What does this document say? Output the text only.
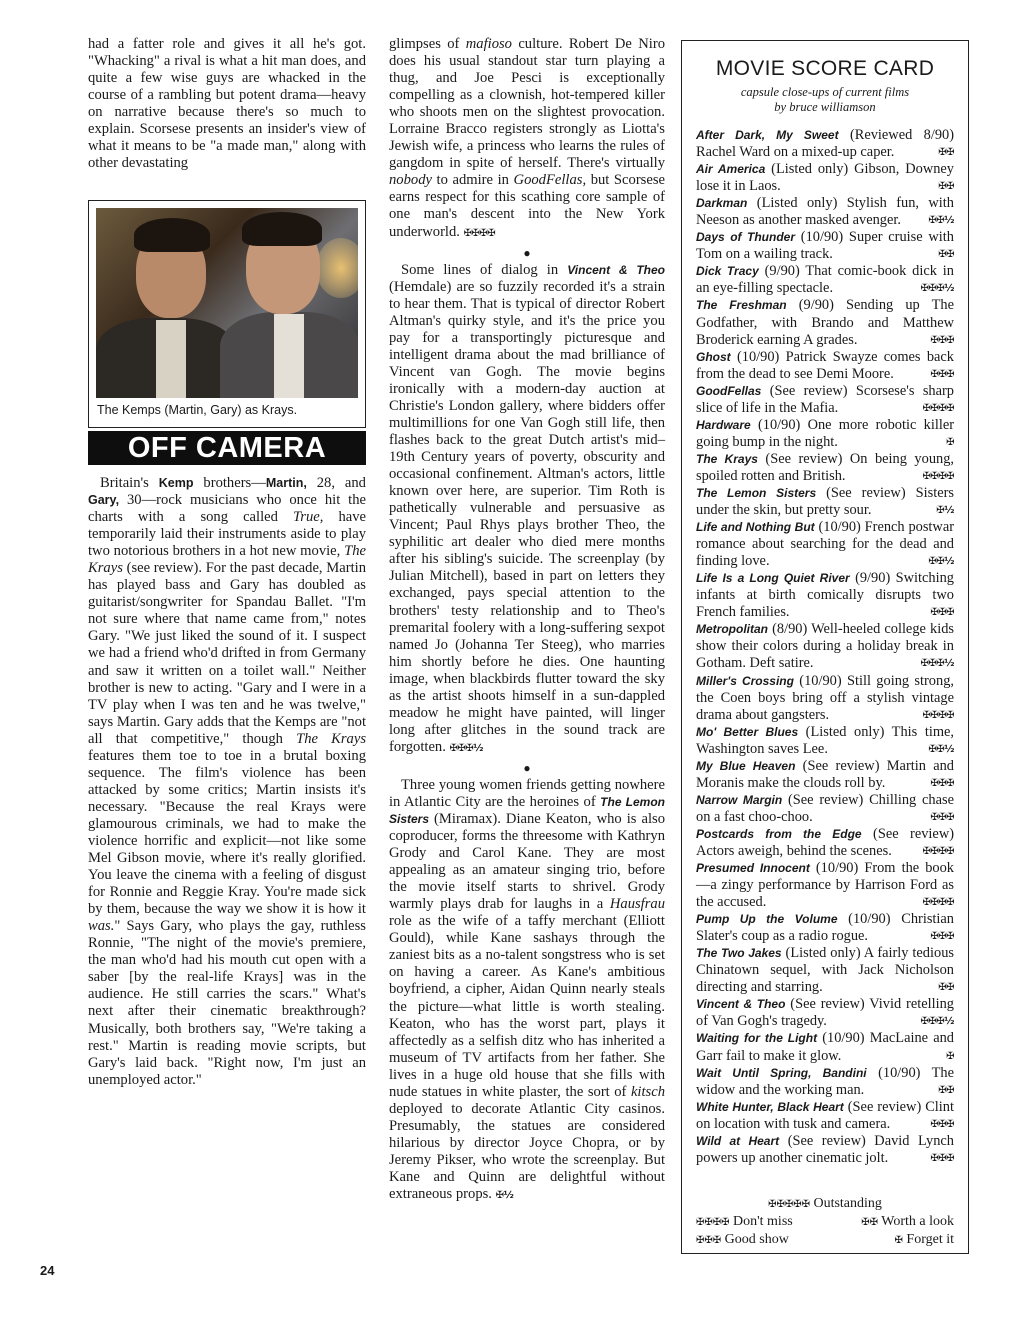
had a fatter role and gives it all he's got. "Whacking" a rival is what a hit man does, and quite a few wise guys are whacked in the course of a rambling but potent drama—heavy on narrative because there's so much to explain. Scorsese presents an insider's view of what it means to be "a made man," along with other devastating

The Kemps (Martin, Gary) as Krays.
OFF CAMERA

Britain's Kemp brothers—Martin, 28, and Gary, 30—rock musicians who once hit the charts with a song called True, have temporarily laid their instruments aside to play two notorious brothers in a hot new movie, The Krays (see review). For the past decade, Martin has played bass and Gary has doubled as guitarist/songwriter for Spandau Ballet. "I'm not sure where that name came from," notes Gary. "We just liked the sound of it. I suspect we had a friend who'd drifted in from Germany and saw it written on a toilet wall." Neither brother is new to acting. "Gary and I were in a TV play when I was ten and he was twelve," says Martin. Gary adds that the Kemps are "not all that competitive," though The Krays features them toe to toe in a brutal boxing sequence. The film's violence has been attacked by some critics; Martin insists it's necessary. "Because the real Krays were glamourous criminals, we had to make the violence horrific and explicit—not like some Mel Gibson movie, where it's really glorified. You leave the cinema with a feeling of disgust for Ronnie and Reggie Kray. You're made sick by them, because the way we show it is how it was." Says Gary, who plays the gay, ruthless Ronnie, "The night of the movie's premiere, the man who'd had his mouth cut open with a saber [by the real-life Krays] was in the audience. He still carries the scars." What's next after their cinematic breakthrough? Musically, both brothers say, "We're taking a rest." Martin is reading movie scripts, but Gary's laid back. "Right now, I'm just an unemployed actor."

glimpses of mafioso culture. Robert De Niro does his usual standout star turn playing a thug, and Joe Pesci is exceptionally compelling as a clownish, hot-tempered killer who shoots men on the slightest provocation. Lorraine Bracco registers strongly as Liotta's Jewish wife, a princess who learns the rules of gangdom in spite of herself. There's virtually nobody to admire in GoodFellas, but Scorsese earns respect for this scathing core sample of one man's descent into the New York underworld. ✠✠✠✠

●

Some lines of dialog in Vincent & Theo (Hemdale) are so fuzzily recorded it's a strain to hear them. That is typical of director Robert Altman's quirky style, and it's the price you pay for a transportingly picturesque and intelligent drama about the mad brilliance of Vincent van Gogh. The movie begins ironically with a modern-day auction at Christie's London gallery, where bidders offer multimillions for one Van Gogh still life, then flashes back to the great Dutch artist's mid–19th Century years of poverty, obscurity and occasional confinement. Altman's actors, little known over here, are superior. Tim Roth is pathetically vulnerable and persuasive as Vincent; Paul Rhys plays brother Theo, the syphilitic art dealer who died mere months after his sibling's suicide. The screenplay (by Julian Mitchell), based in part on letters they exchanged, pays special attention to the brothers' testy relationship and to Theo's premarital foolery with a long-suffering sexpot named Jo (Johanna Ter Steeg), who marries him shortly before he dies. One haunting image, when blackbirds flutter toward the sky as the artist shoots himself in a sun-dappled meadow he might have painted, will linger long after glitches in the sound track are forgotten. ✠✠✠½

●

Three young women friends getting nowhere in Atlantic City are the heroines of The Lemon Sisters (Miramax). Diane Keaton, who is also coproducer, forms the threesome with Kathryn Grody and Carol Kane. They are most appealing as an amateur singing trio, before the movie itself starts to shrivel. Grody warmly plays drab for laughs in a Hausfrau role as the wife of a taffy merchant (Elliott Gould), while Kane sashays through the zaniest bits as a no-talent songstress who is set on having a career. As Kane's ambitious boyfriend, a cipher, Aidan Quinn nearly steals the picture—what little is worth stealing. Keaton, who has the worst part, plays it affectedly as a selfish ditz who has inherited a museum of TV artifacts from her father. She lives in a huge old house that she fills with nude statues in white plaster, the sort of kitsch deployed to decorate Atlantic City casinos. Presumably, the statues are considered hilarious by director Joyce Chopra, or by Jeremy Pikser, who wrote the screenplay. But Kane and Quinn are delightful without extraneous props. ✠½

MOVIE SCORE CARD
capsule close-ups of current films
by bruce williamson

After Dark, My Sweet (Reviewed 8/90) Rachel Ward on a mixed-up caper.	✠✠

Air America (Listed only) Gibson, Downey lose it in Laos.	✠✠

Darkman (Listed only) Stylish fun, with Neeson as another masked avenger.	✠✠½

Days of Thunder (10/90) Super cruise with Tom on a wailing track.	✠✠

Dick Tracy (9/90) That comic-book dick in an eye-filling spectacle.	✠✠✠½

The Freshman (9/90) Sending up The Godfather, with Brando and Matthew Broderick earning A grades.	✠✠✠

Ghost (10/90) Patrick Swayze comes back from the dead to see Demi Moore.	✠✠✠

GoodFellas (See review) Scorsese's sharp slice of life in the Mafia.	✠✠✠✠

Hardware (10/90) One more robotic killer going bump in the night.	✠

The Krays (See review) On being young, spoiled rotten and British.	✠✠✠✠

The Lemon Sisters (See review) Sisters under the skin, but pretty sour.	✠½

Life and Nothing But (10/90) French postwar romance about searching for the dead and finding love.	✠✠½

Life Is a Long Quiet River (9/90) Switching infants at birth comically disrupts two French families.	✠✠✠

Metropolitan (8/90) Well-heeled college kids show their colors during a holiday break in Gotham. Deft satire.	✠✠✠½

Miller's Crossing (10/90) Still going strong, the Coen boys bring off a stylish vintage drama about gangsters.	✠✠✠✠

Mo' Better Blues (Listed only) This time, Washington saves Lee.	✠✠½

My Blue Heaven (See review) Martin and Moranis make the clouds roll by.	✠✠✠

Narrow Margin (See review) Chilling chase on a fast choo-choo.	✠✠✠

Postcards from the Edge (See review) Actors aweigh, behind the scenes.	✠✠✠✠

Presumed Innocent (10/90) From the book—a zingy performance by Harrison Ford as the accused.	✠✠✠✠

Pump Up the Volume (10/90) Christian Slater's coup as a radio rogue.	✠✠✠

The Two Jakes (Listed only) A fairly tedious Chinatown sequel, with Jack Nicholson directing and starring.	✠✠

Vincent & Theo (See review) Vivid retelling of Van Gogh's tragedy.	✠✠✠½

Waiting for the Light (10/90) MacLaine and Garr fail to make it glow.	✠

Wait Until Spring, Bandini (10/90) The widow and the working man.	✠✠

White Hunter, Black Heart (See review) Clint on location with tusk and camera.	✠✠✠

Wild at Heart (See review) David Lynch powers up another cinematic jolt.	✠✠✠

✠✠✠✠✠ Outstanding
✠✠✠✠ Don't miss	✠✠ Worth a look
✠✠✠ Good show	✠ Forget it
24
